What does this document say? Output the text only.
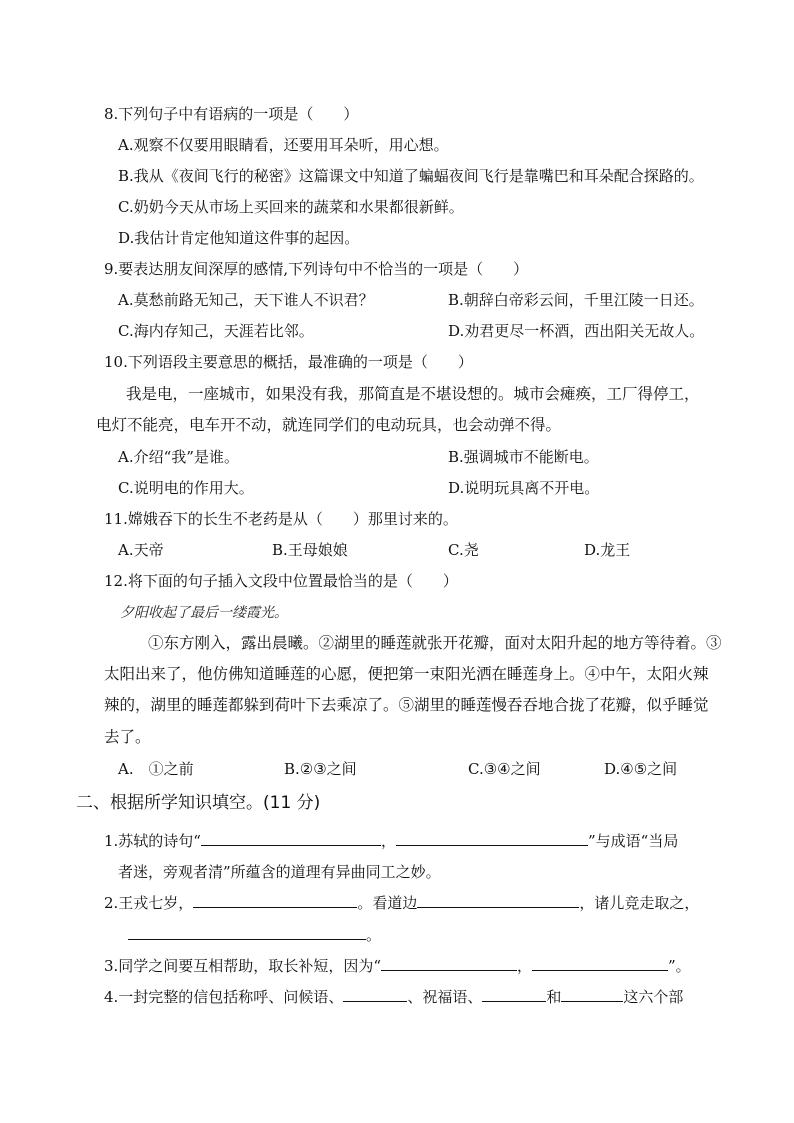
8.下列句子中有语病的一项是（　　）
A.观察不仅要用眼睛看，还要用耳朵听，用心想。
B.我从《夜间飞行的秘密》这篇课文中知道了蝙蝠夜间飞行是靠嘴巴和耳朵配合探路的。
C.奶奶今天从市场上买回来的蔬菜和水果都很新鲜。
D.我估计肯定他知道这件事的起因。
9.要表达朋友间深厚的感情,下列诗句中不恰当的一项是（　　）
A.莫愁前路无知己，天下谁人不识君？	B.朝辞白帝彩云间，千里江陵一日还。
C.海内存知己，天涯若比邻。	D.劝君更尽一杯酒，西出阳关无故人。
10.下列语段主要意思的概括，最准确的一项是（　　）
我是电，一座城市，如果没有我，那简直是不堪设想的。城市会瘫痪，工厂得停工，
电灯不能亮，电车开不动，就连同学们的电动玩具，也会动弹不得。
A.介绍“我”是谁。	B.强调城市不能断电。
C.说明电的作用大。	D.说明玩具离不开电。
11.嫦娥吞下的长生不老药是从（　　）那里讨来的。
A.天帝	B.王母娘娘	C.尧	D.龙王
12.将下面的句子插入文段中位置最恰当的是（　　）
夕阳收起了最后一缕霞光。
①东方刚入，露出晨曦。②湖里的睡莲就张开花瓣，面对太阳升起的地方等待着。③
太阳出来了，他仿佛知道睡莲的心愿，便把第一束阳光洒在睡莲身上。④中午，太阳火辣
辣的，湖里的睡莲都躲到荷叶下去乘凉了。⑤湖里的睡莲慢吞吞地合拢了花瓣，似乎睡觉
去了。
A.　①之前	B.②③之间	C.③④之间	D.④⑤之间
二、根据所学知识填空。(11 分)
1.苏轼的诗句“	，	”与成语“当局
者迷，旁观者清”所蕴含的道理有异曲同工之妙。
2.王戎七岁，	。看道边	，诸儿竞走取之，
。
3.同学之间要互相帮助，取长补短，因为“	，	”。
4.一封完整的信包括称呼、问候语、	、祝福语、	和	这六个部
